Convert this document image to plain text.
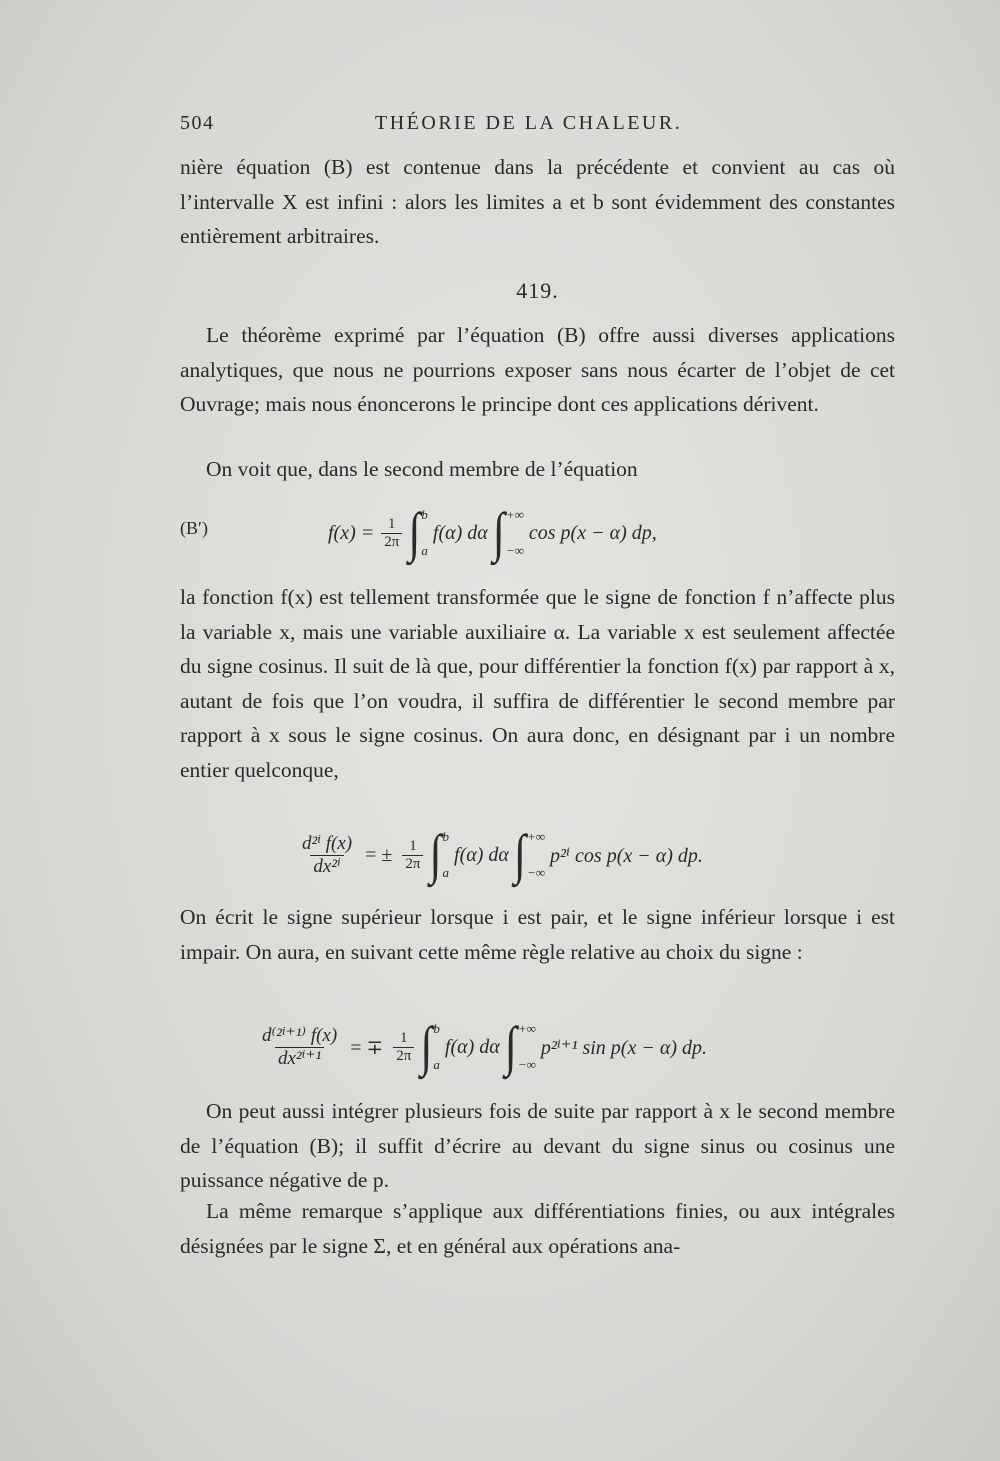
504	THÉORIE DE LA CHALEUR.
nière équation (B) est contenue dans la précédente et convient au cas où l’intervalle X est infini : alors les limites a et b sont évidemment des constantes entièrement arbitraires.
419.
Le théorème exprimé par l’équation (B) offre aussi diverses applications analytiques, que nous ne pourrions exposer sans nous écarter de l’objet de cet Ouvrage; mais nous énoncerons le principe dont ces applications dérivent.
On voit que, dans le second membre de l’équation
(B′)	$f(x) = \frac{1}{2\pi}$ ∫ b
a
f(α) dα ∫ +∞
−∞
cos p(x − α) dp,
la fonction f(x) est tellement transformée que le signe de fonction f n’affecte plus la variable x, mais une variable auxiliaire α. La variable x est seulement affectée du signe cosinus. Il suit de là que, pour différentier la fonction f(x) par rapport à x, autant de fois que l’on voudra, il suffira de différentier le second membre par rapport à x sous le signe cosinus. On aura donc, en désignant par i un nombre entier quelconque,
$\frac{\text{d²ⁱ f(x)}}{\text{dx²ⁱ}}$ = ± $\frac{1}{2\pi}$ ∫ b
a
f(α) dα ∫ +∞
−∞
p²ⁱ cos p(x − α) dp.
On écrit le signe supérieur lorsque i est pair, et le signe inférieur lorsque i est impair. On aura, en suivant cette même règle relative au choix du signe :
$\frac{\text{d⁽²ⁱ⁺¹⁾ f(x)}}{\text{dx²ⁱ⁺¹}}$ = ∓ $\frac{1}{2\pi}$ ∫ b
a
f(α) dα ∫ +∞
−∞
p²ⁱ⁺¹ sin p(x − α) dp.
On peut aussi intégrer plusieurs fois de suite par rapport à x le second membre de l’équation (B); il suffit d’écrire au devant du signe sinus ou cosinus une puissance négative de p.
La même remarque s’applique aux différentiations finies, ou aux intégrales désignées par le signe Σ, et en général aux opérations ana-
